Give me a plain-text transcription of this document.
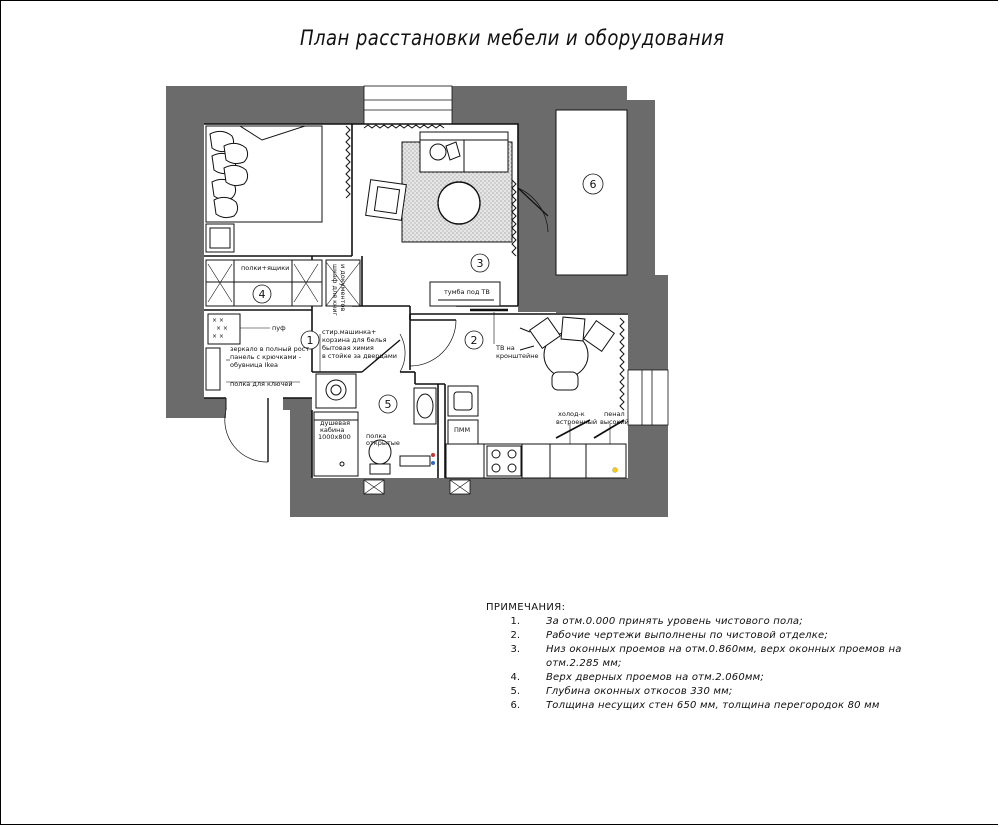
План расстановки мебели и оборудования
× ×
× ×
× ×
3
4
1	2
5
6
полки+ящики	шкаф для книг и документов
пуф
зеркало в полный рост
панель с крючками -
обувница Ikea
полка для ключей
стир.машинка+
корзина для белья
бытовая химия
в стойке за дверцами
тумба под ТВ
ТВ на
кронштейне
душевая
кабина
1000х800 полка
открытые
ПММ
холод-к
встроенный
пенал
высокий
ПРИМЕЧАНИЯ:
1.	За отм.0.000 принять уровень чистового пола;
2.	Рабочие чертежи выполнены по чистовой отделке;
3.	Низ оконных проемов на отм.0.860мм, верх оконных проемов на отм.2.285 мм;
4.	Верх дверных проемов на отм.2.060мм;
5.	Глубина оконных откосов 330 мм;
6.	Толщина несущих стен 650 мм, толщина перегородок 80 мм
